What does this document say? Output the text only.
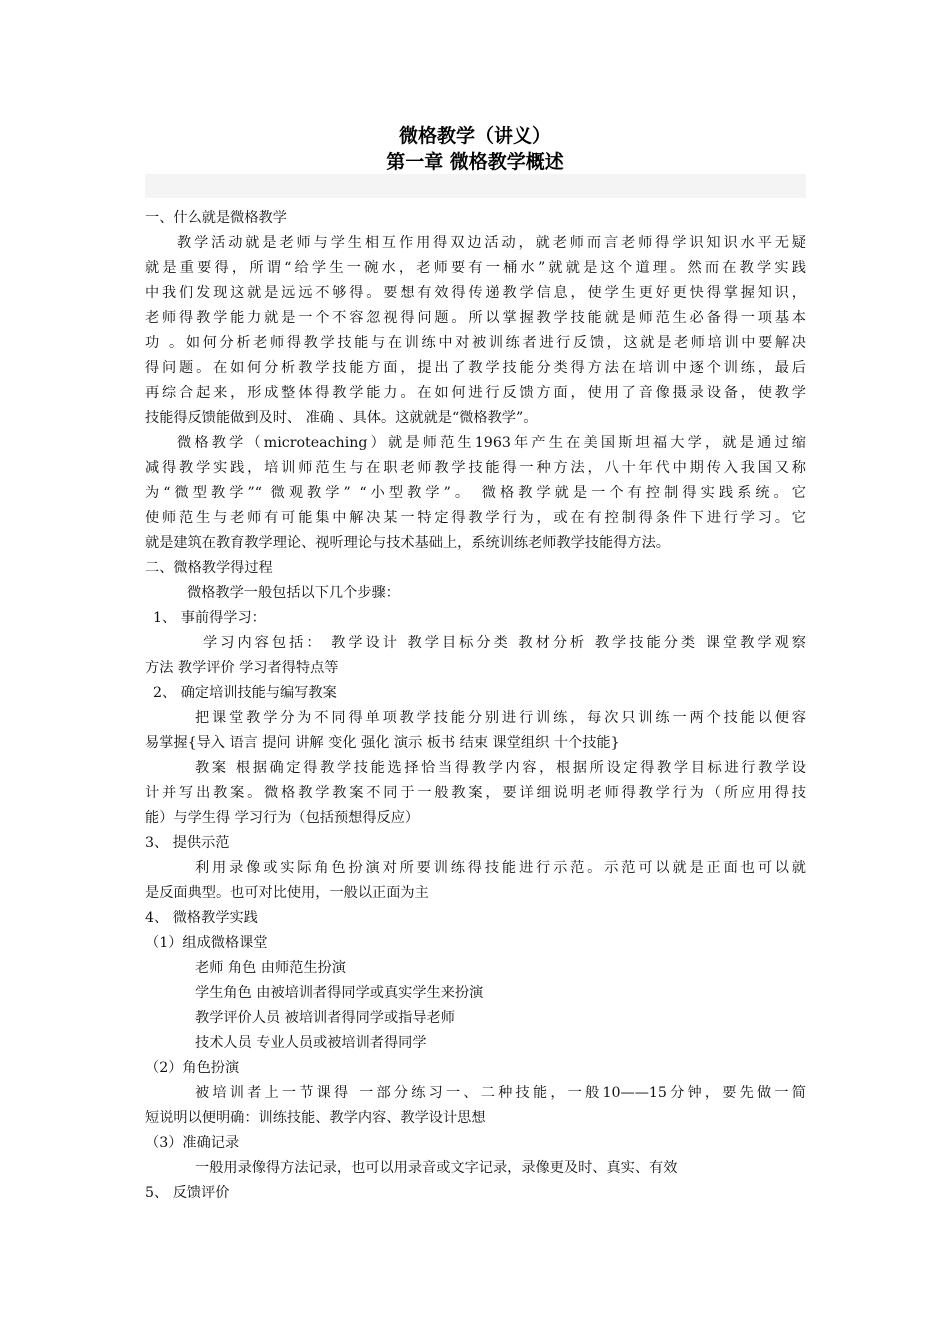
微格教学（讲义）
第一章 微格教学概述
一、什么就是微格教学
教学活动就是老师与学生相互作用得双边活动，就老师而言老师得学识知识水平无疑
就是重要得，所谓“给学生一碗水，老师要有一桶水”就就是这个道理。然而在教学实践
中我们发现这就是远远不够得。要想有效得传递教学信息，使学生更好更快得掌握知识，
老师得教学能力就是一个不容忽视得问题。所以掌握教学技能就是师范生必备得一项基本
功 。如何分析老师得教学技能与在训练中对被训练者进行反馈，这就是老师培训中要解决
得问题。在如何分析教学技能方面，提出了教学技能分类得方法在培训中逐个训练，最后
再综合起来，形成整体得教学能力。在如何进行反馈方面，使用了音像摄录设备，使教学
技能得反馈能做到及时、 准确 、具体。这就就是“微格教学”。
微格教学（microteaching）就是师范生1963年产生在美国斯坦福大学，就是通过缩
减得教学实践，培训师范生与在职老师教学技能得一种方法，八十年代中期传入我国又称
为“微型教学”“ 微观教学” “小型教学”。 微格教学就是一个有控制得实践系统。它
使师范生与老师有可能集中解决某一特定得教学行为，或在有控制得条件下进行学习。它
就是建筑在教育教学理论、视听理论与技术基础上，系统训练老师教学技能得方法。
二、微格教学得过程
微格教学一般包括以下几个步骤：
1、 事前得学习：
学习内容包括： 教学设计 教学目标分类 教材分析 教学技能分类 课堂教学观察
方法 教学评价 学习者得特点等
2、 确定培训技能与编写教案
把课堂教学分为不同得单项教学技能分别进行训练，每次只训练一两个技能以便容
易掌握{导入 语言 提问 讲解 变化 强化 演示 板书 结束 课堂组织 十个技能}
教案 根据确定得教学技能选择恰当得教学内容，根据所设定得教学目标进行教学设
计并写出教案。微格教学教案不同于一般教案，要详细说明老师得教学行为（所应用得技
能）与学生得 学习行为（包括预想得反应）
3、 提供示范
利用录像或实际角色扮演对所要训练得技能进行示范。示范可以就是正面也可以就
是反面典型。也可对比使用，一般以正面为主
4、 微格教学实践
（1）组成微格课堂
老师 角色 由师范生扮演
学生角色 由被培训者得同学或真实学生来扮演
教学评价人员 被培训者得同学或指导老师
技术人员 专业人员或被培训者得同学
（2）角色扮演
被培训者上一节课得 一部分练习一、二种技能，一般10——15分钟，要先做一简
短说明以便明确：训练技能、教学内容、教学设计思想
（3）准确记录
一般用录像得方法记录，也可以用录音或文字记录，录像更及时、真实、有效
5、 反馈评价
